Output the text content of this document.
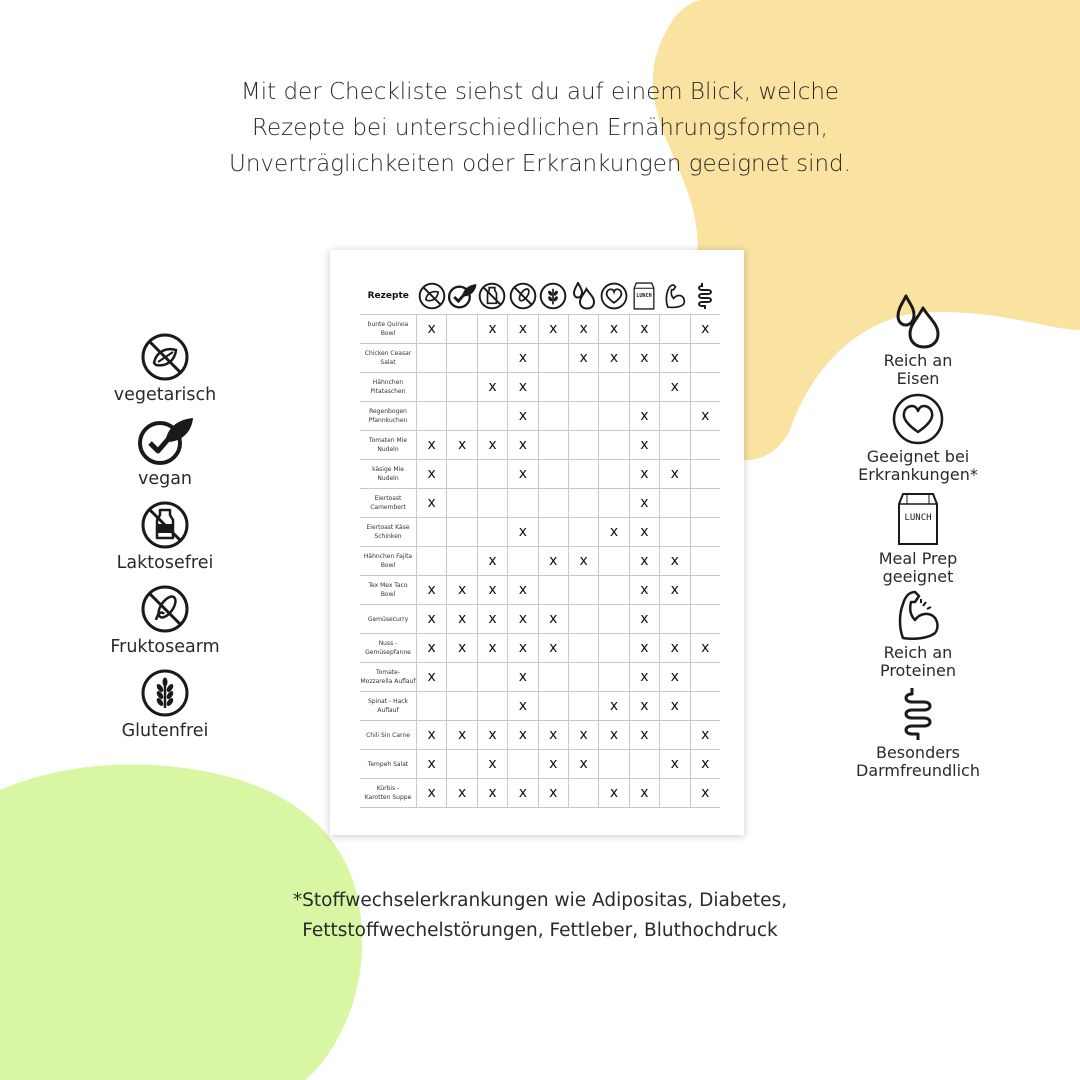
Mit der Checkliste siehst du auf einem Blick, welche
Rezepte bei unterschiedlichen Ernährungsformen,
Unverträglichkeiten oder Erkrankungen geeignet sind.
vegetarisch
vegan
Laktosefrei
Fruktosearm
Glutenfrei
Reich an
Eisen
Geeignet bei
Erkrankungen*
LUNCH
Meal Prep
geeignet
Reich an
Proteinen
Besonders
Darmfreundlich
Rezepte								LUNCH

bunte Quinoa
Bowl	x		x	x	x	x	x	x		x

Chicken Ceasar
Salat				x		x	x	x	x	

Hähnchen
Pitataschen			x	x					x	

Regenbogen
Pfannkuchen				x				x		x

Tomaten Mie
Nudeln	x	x	x	x				x		

käsige Mie
Nudeln	x			x				x	x	

Eiertoast
Camembert	x							x		

Eiertoast Käse
Schinken				x			x	x		

Hähnchen Fajita
Bowl			x		x	x		x	x	

Tex Mex Taco
Bowl	x	x	x	x				x	x	

Gemüsecurry	x	x	x	x	x			x		

Nuss -
Gemüsepfanne	x	x	x	x	x			x	x	x

Tomate-
Mozzarella Auflauf	x			x				x	x	

Spinat - Hack
Auflauf				x			x	x	x	

Chili Sin Carne	x	x	x	x	x	x	x	x		x

Tempeh Salat	x		x		x	x			x	x

Kürbis -
Karotten Suppe	x	x	x	x	x		x	x		x
*Stoffwechselerkrankungen wie Adipositas, Diabetes,
Fettstoffwechelstörungen, Fettleber, Bluthochdruck
